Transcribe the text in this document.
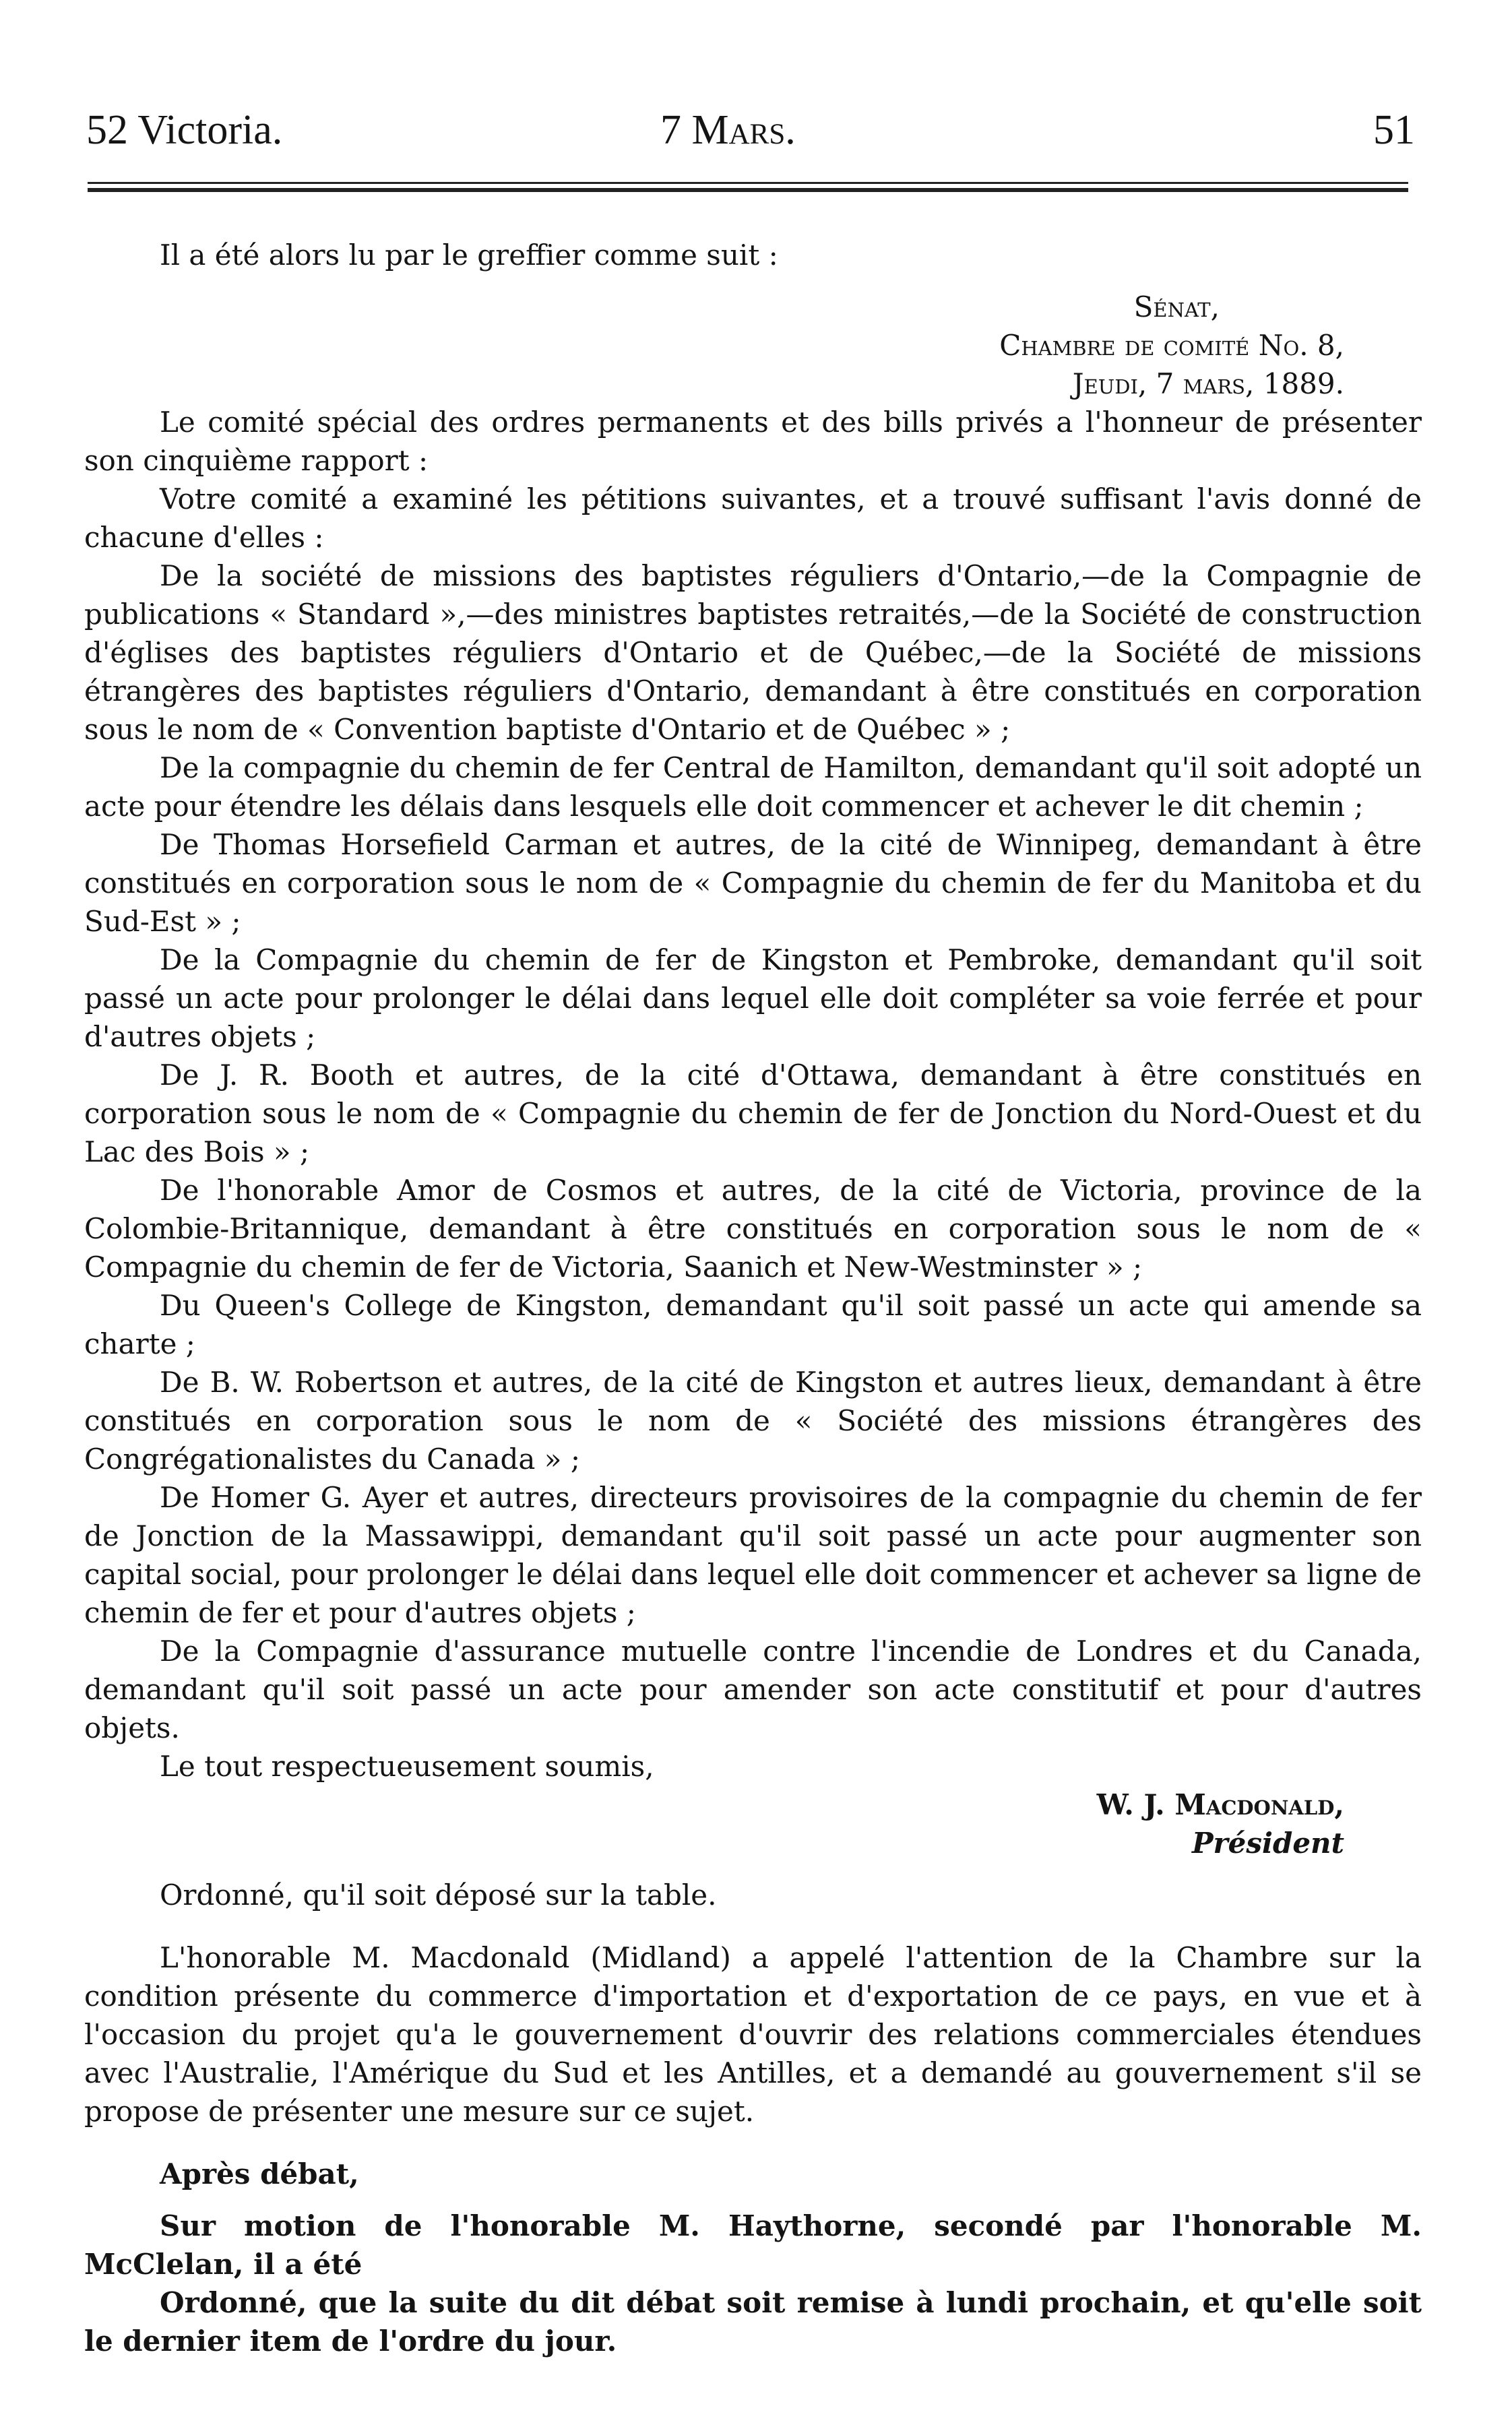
52 Victoria.	7 Mars.	51

Il a été alors lu par le greffier comme suit :

Sénat,

Chambre de comité No. 8,

Jeudi, 7 mars, 1889.

Le comité spécial des ordres permanents et des bills privés a l'honneur de présenter son cinquième rapport :

Votre comité a examiné les pétitions suivantes, et a trouvé suffisant l'avis donné de chacune d'elles :

De la société de missions des baptistes réguliers d'Ontario,—de la Compagnie de publications « Standard »,—des ministres baptistes retraités,—de la Société de construction d'églises des baptistes réguliers d'Ontario et de Québec,—de la Société de missions étrangères des baptistes réguliers d'Ontario, demandant à être constitués en corporation sous le nom de « Convention baptiste d'Ontario et de Québec » ;

De la compagnie du chemin de fer Central de Hamilton, demandant qu'il soit adopté un acte pour étendre les délais dans lesquels elle doit commencer et achever le dit chemin ;

De Thomas Horsefield Carman et autres, de la cité de Winnipeg, demandant à être constitués en corporation sous le nom de « Compagnie du chemin de fer du Manitoba et du Sud-Est » ;

De la Compagnie du chemin de fer de Kingston et Pembroke, demandant qu'il soit passé un acte pour prolonger le délai dans lequel elle doit compléter sa voie ferrée et pour d'autres objets ;

De J. R. Booth et autres, de la cité d'Ottawa, demandant à être constitués en corporation sous le nom de « Compagnie du chemin de fer de Jonction du Nord-Ouest et du Lac des Bois » ;

De l'honorable Amor de Cosmos et autres, de la cité de Victoria, province de la Colombie-Britannique, demandant à être constitués en corporation sous le nom de « Compagnie du chemin de fer de Victoria, Saanich et New-Westminster » ;

Du Queen's College de Kingston, demandant qu'il soit passé un acte qui amende sa charte ;

De B. W. Robertson et autres, de la cité de Kingston et autres lieux, demandant à être constitués en corporation sous le nom de « Société des missions étrangères des Congrégationalistes du Canada » ;

De Homer G. Ayer et autres, directeurs provisoires de la compagnie du chemin de fer de Jonction de la Massawippi, demandant qu'il soit passé un acte pour augmenter son capital social, pour prolonger le délai dans lequel elle doit commencer et achever sa ligne de chemin de fer et pour d'autres objets ;

De la Compagnie d'assurance mutuelle contre l'incendie de Londres et du Canada, demandant qu'il soit passé un acte pour amender son acte constitutif et pour d'autres objets.

Le tout respectueusement soumis,

W. J. Macdonald,

Président

Ordonné, qu'il soit déposé sur la table.

L'honorable M. Macdonald (Midland) a appelé l'attention de la Chambre sur la condition présente du commerce d'importation et d'exportation de ce pays, en vue et à l'occasion du projet qu'a le gouvernement d'ouvrir des relations commerciales étendues avec l'Australie, l'Amérique du Sud et les Antilles, et a demandé au gouvernement s'il se propose de présenter une mesure sur ce sujet.

Après débat,

Sur motion de l'honorable M. Haythorne, secondé par l'honorable M. McClelan, il a été

Ordonné, que la suite du dit débat soit remise à lundi prochain, et qu'elle soit le dernier item de l'ordre du jour.
